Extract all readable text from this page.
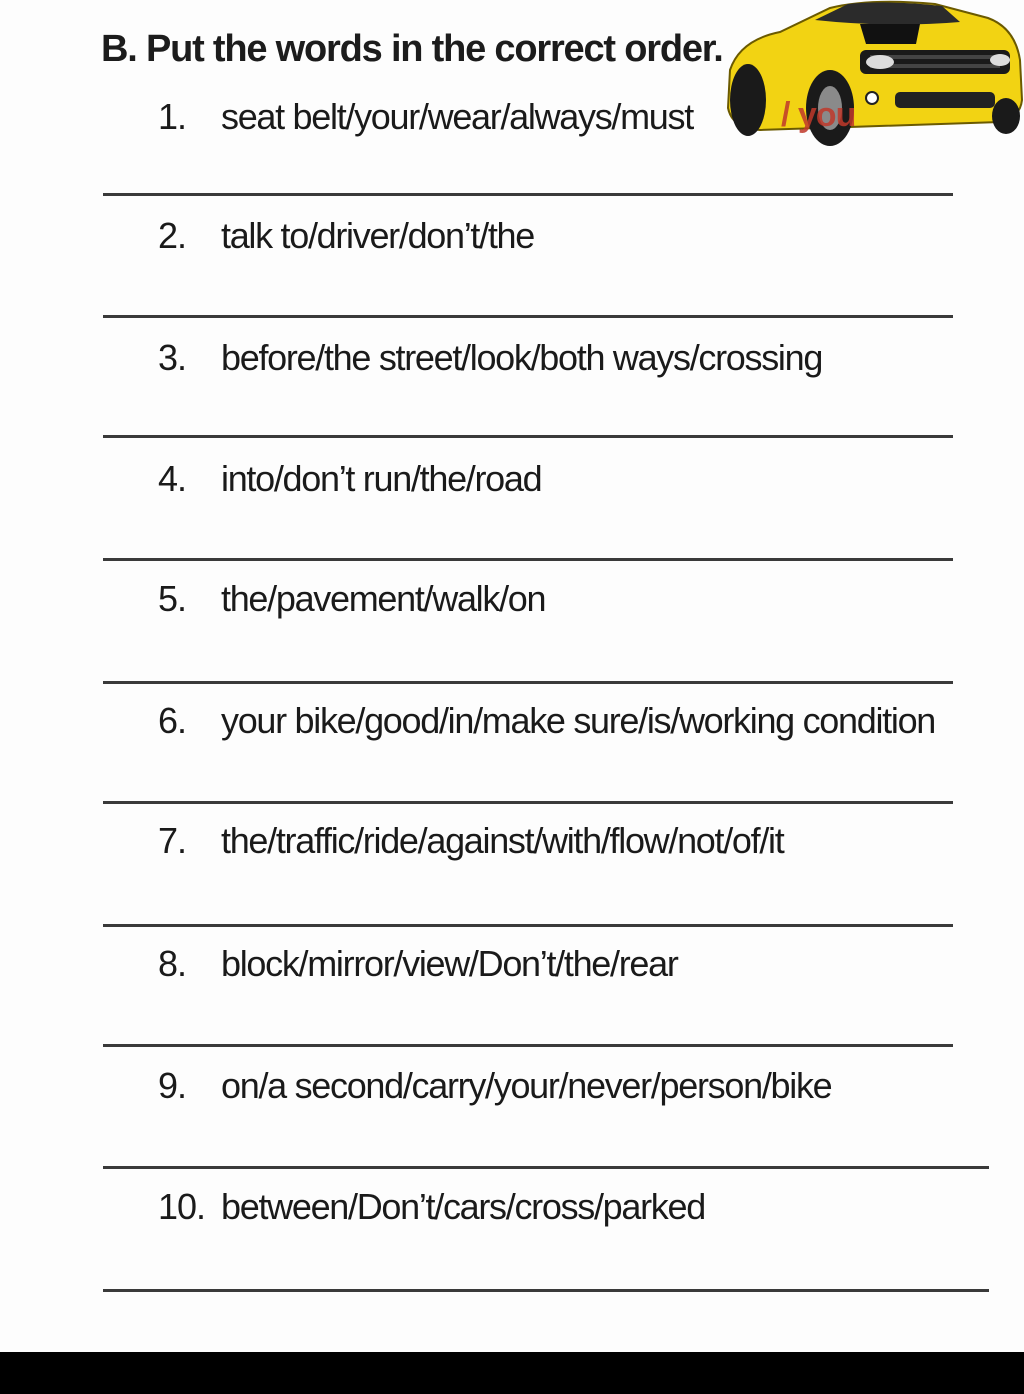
B. Put the words in the correct order.
/ you
1. seat belt/your/wear/always/must
2. talk to/driver/don’t/the
3. before/the street/look/both ways/crossing
4. into/don’t run/the/road
5. the/pavement/walk/on
6. your bike/good/in/make sure/is/working condition
7. the/traffic/ride/against/with/flow/not/of/it
8. block/mirror/view/Don’t/the/rear
9. on/a second/carry/your/never/person/bike
10. between/Don’t/cars/cross/parked
